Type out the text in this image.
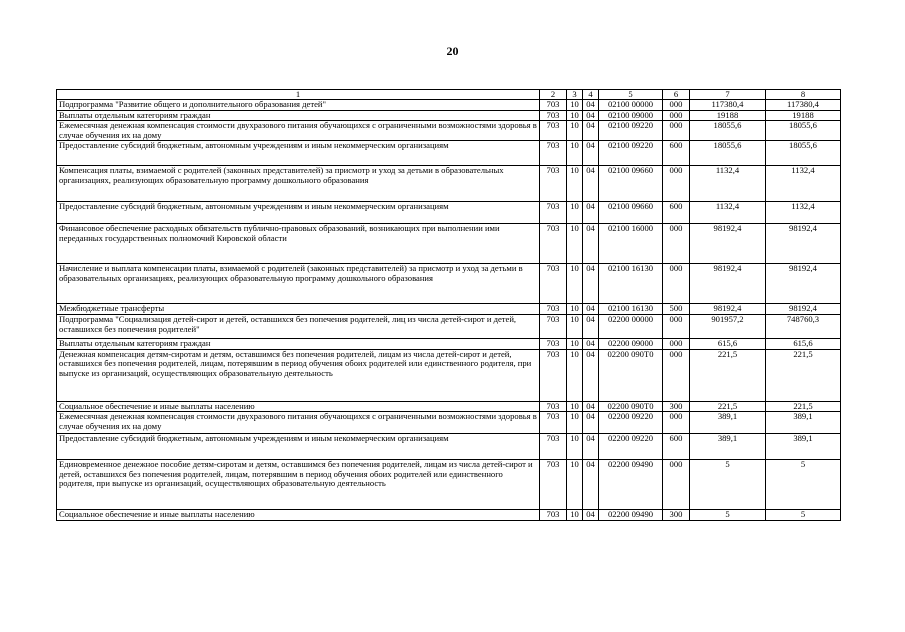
20
1	2	3	4	5	6	7	8
Подпрограмма "Развитие общего и дополнительного образования детей"	703	10	04	02100 00000	000	117380,4	117380,4
Выплаты отдельным категориям граждан	703	10	04	02100 09000	000	19188	19188
Ежемесячная денежная компенсация стоимости двухразового питания обучающихся с ограниченными возможностями здоровья в случае обучения их на дому	703	10	04	02100 09220	000	18055,6	18055,6
Предоставление субсидий бюджетным, автономным учреждениям и иным некоммерческим организациям	703	10	04	02100 09220	600	18055,6	18055,6
Компенсация платы, взимаемой с родителей (законных представителей) за присмотр и уход за детьми в образовательных организациях, реализующих образовательную программу дошкольного образования	703	10	04	02100 09660	000	1132,4	1132,4
Предоставление субсидий бюджетным, автономным учреждениям и иным некоммерческим организациям	703	10	04	02100 09660	600	1132,4	1132,4
Финансовое обеспечение расходных обязательств публично-правовых образований, возникающих при выполнении ими переданных государственных полномочий Кировской области	703	10	04	02100 16000	000	98192,4	98192,4
Начисление и выплата компенсации платы, взимаемой с родителей (законных представителей) за присмотр и уход за детьми в образовательных организациях, реализующих образовательную программу дошкольного образования	703	10	04	02100 16130	000	98192,4	98192,4
Межбюджетные трансферты	703	10	04	02100 16130	500	98192,4	98192,4
Подпрограмма "Социализация детей-сирот и детей, оставшихся без попечения родителей, лиц из числа детей-сирот и детей, оставшихся без попечения родителей"	703	10	04	02200 00000	000	901957,2	748760,3
Выплаты отдельным категориям граждан	703	10	04	02200 09000	000	615,6	615,6
Денежная компенсация детям-сиротам и детям, оставшимся без попечения родителей, лицам из числа детей-сирот и детей, оставшихся без попечения родителей, лицам, потерявшим в период обучения обоих родителей или единственного родителя, при выпуске из организаций, осуществляющих образовательную деятельность	703	10	04	02200 090Т0	000	221,5	221,5
Социальное обеспечение и иные выплаты населению	703	10	04	02200 090Т0	300	221,5	221,5
Ежемесячная денежная компенсация стоимости двухразового питания обучающихся с ограниченными возможностями здоровья в случае обучения их на дому	703	10	04	02200 09220	000	389,1	389,1
Предоставление субсидий бюджетным, автономным учреждениям и иным некоммерческим организациям	703	10	04	02200 09220	600	389,1	389,1
Единовременное денежное пособие детям-сиротам и детям, оставшимся без попечения родителей, лицам из числа детей-сирот и детей, оставшихся без попечения родителей, лицам, потерявшим в период обучения обоих родителей или единственного родителя, при выпуске из организаций, осуществляющих образовательную деятельность	703	10	04	02200 09490	000	5	5
Социальное обеспечение и иные выплаты населению	703	10	04	02200 09490	300	5	5
